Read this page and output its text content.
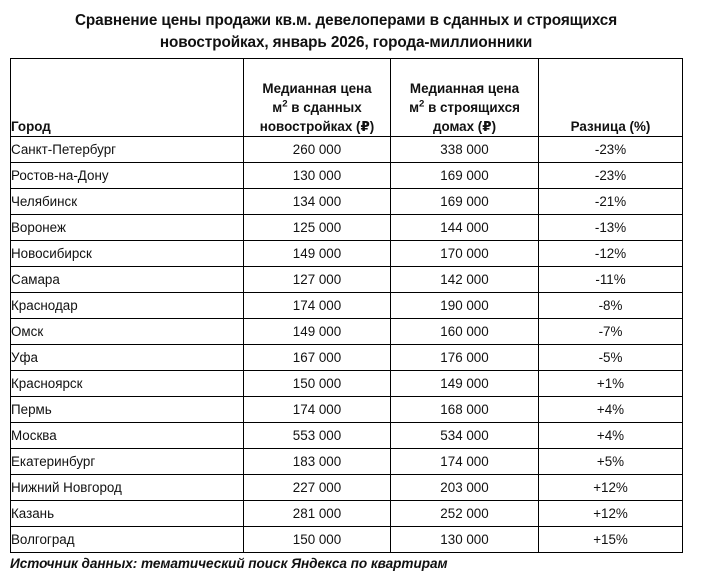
Сравнение цены продажи кв.м. девелоперами в сданных и строящихся
новостройках, январь 2026, города-миллионники
Город	Медианная цена
$м^2$ в сданных
новостройках (₽)	Медианная цена
$м^2$ в строящихся
домах (₽)	Разница (%)

Санкт-Петербург	260 000	338 000	-23%
Ростов-на-Дону	130 000	169 000	-23%
Челябинск	134 000	169 000	-21%
Воронеж	125 000	144 000	-13%
Новосибирск	149 000	170 000	-12%
Самара	127 000	142 000	-11%
Краснодар	174 000	190 000	-8%
Омск	149 000	160 000	-7%
Уфа	167 000	176 000	-5%
Красноярск	150 000	149 000	+1%
Пермь	174 000	168 000	+4%
Москва	553 000	534 000	+4%
Екатеринбург	183 000	174 000	+5%
Нижний Новгород	227 000	203 000	+12%
Казань	281 000	252 000	+12%
Волгоград	150 000	130 000	+15%
Источник данных: тематический поиск Яндекса по квартирам
